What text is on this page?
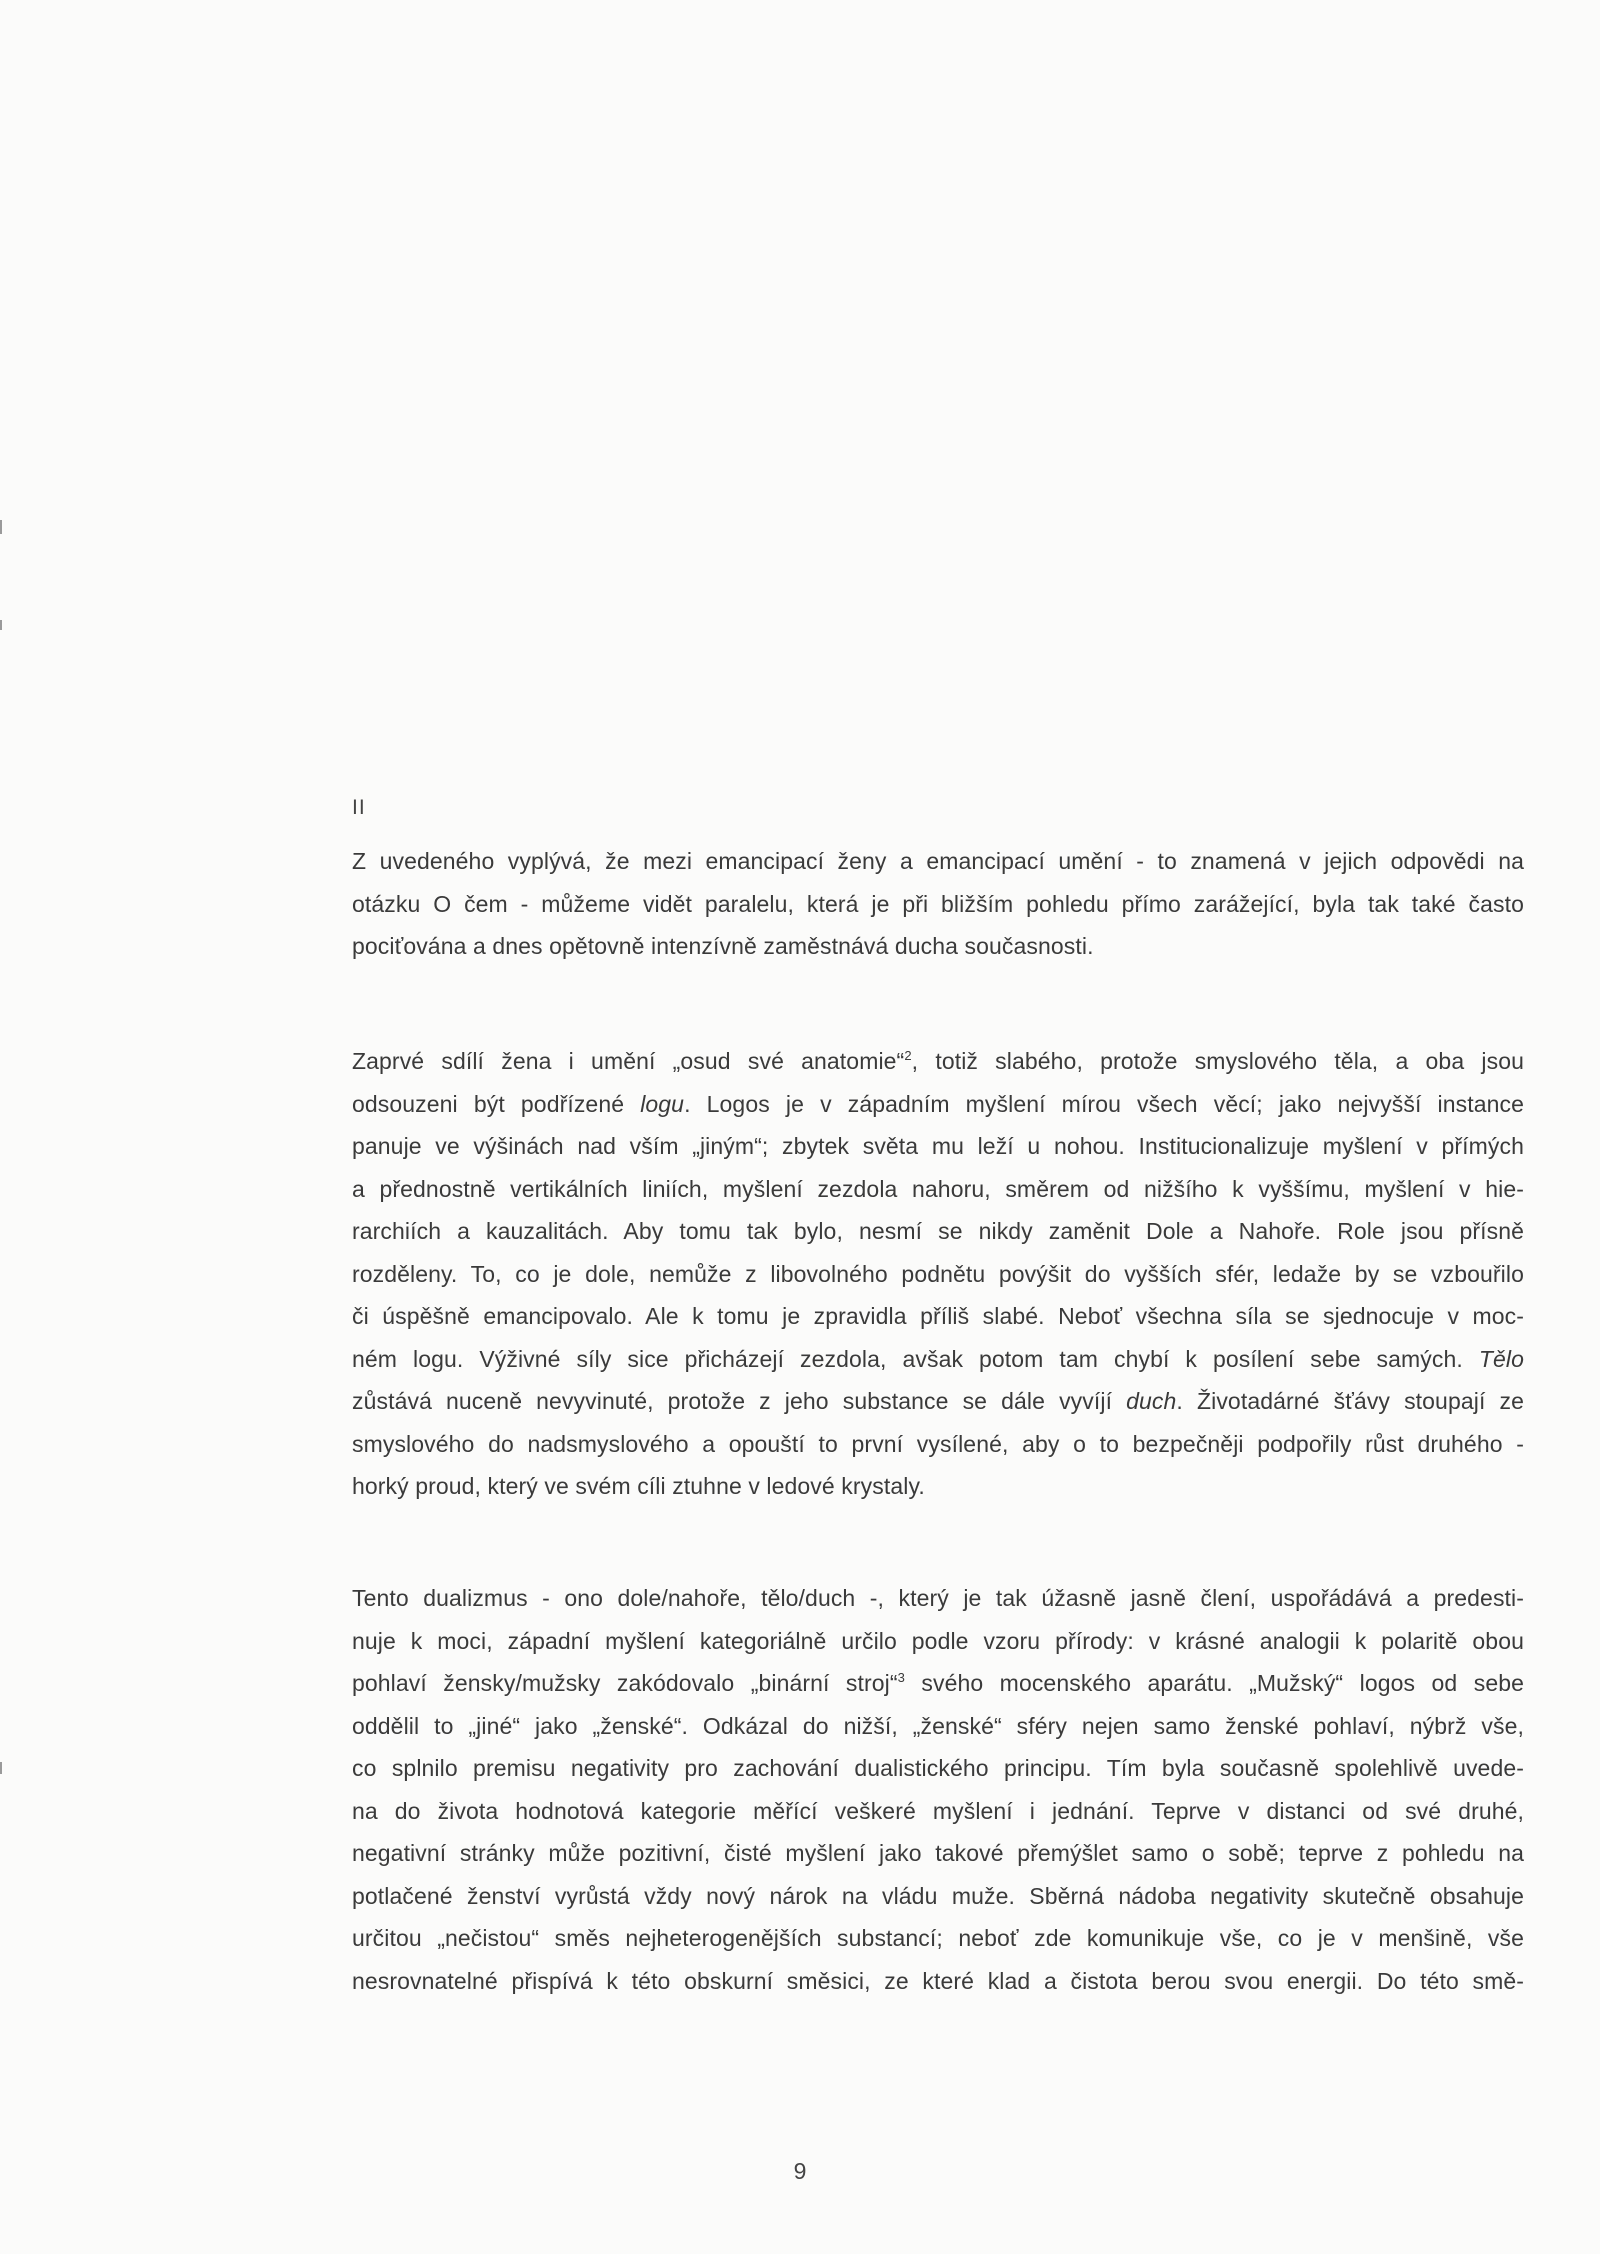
II

Z uvedeného vyplývá, že mezi emancipací ženy a emancipací umění - to znamená v jejich odpovědi na
otázku O čem - můžeme vidět paralelu, která je při bližším pohledu přímo zarážející, byla tak také často
pociťována a dnes opětovně intenzívně zaměstnává ducha současnosti.

Zaprvé sdílí žena i umění „osud své anatomie“$^2$, totiž slabého, protože smyslového těla, a oba jsou
odsouzeni být podřízené logu. Logos je v západním myšlení mírou všech věcí; jako nejvyšší instance
panuje ve výšinách nad vším „jiným“; zbytek světa mu leží u nohou. Institucionalizuje myšlení v přímých
a přednostně vertikálních liniích, myšlení zezdola nahoru, směrem od nižšího k vyššímu, myšlení v hie-
rarchiích a kauzalitách. Aby tomu tak bylo, nesmí se nikdy zaměnit Dole a Nahoře. Role jsou přísně
rozděleny. To, co je dole, nemůže z libovolného podnětu povýšit do vyšších sfér, ledaže by se vzbouřilo
či úspěšně emancipovalo. Ale k tomu je zpravidla příliš slabé. Neboť všechna síla se sjednocuje v moc-
ném logu. Výživné síly sice přicházejí zezdola, avšak potom tam chybí k posílení sebe samých. Tělo
zůstává nuceně nevyvinuté, protože z jeho substance se dále vyvíjí duch. Životadárné šťávy stoupají ze
smyslového do nadsmyslového a opouští to první vysílené, aby o to bezpečněji podpořily růst druhého -
horký proud, který ve svém cíli ztuhne v ledové krystaly.

Tento dualizmus - ono dole/nahoře, tělo/duch -, který je tak úžasně jasně člení, uspořádává a predesti-
nuje k moci, západní myšlení kategoriálně určilo podle vzoru přírody: v krásné analogii k polaritě obou
pohlaví žensky/mužsky zakódovalo „binární stroj“$^3$ svého mocenského aparátu. „Mužský“ logos od sebe
oddělil to „jiné“ jako „ženské“. Odkázal do nižší, „ženské“ sféry nejen samo ženské pohlaví, nýbrž vše,
co splnilo premisu negativity pro zachování dualistického principu. Tím byla současně spolehlivě uvede-
na do života hodnotová kategorie měřící veškeré myšlení i jednání. Teprve v distanci od své druhé,
negativní stránky může pozitivní, čisté myšlení jako takové přemýšlet samo o sobě; teprve z pohledu na
potlačené ženství vyrůstá vždy nový nárok na vládu muže. Sběrná nádoba negativity skutečně obsahuje
určitou „nečistou“ směs nejheterogenějších substancí; neboť zde komunikuje vše, co je v menšině, vše
nesrovnatelné přispívá k této obskurní směsici, ze které klad a čistota berou svou energii. Do této smě-

9
